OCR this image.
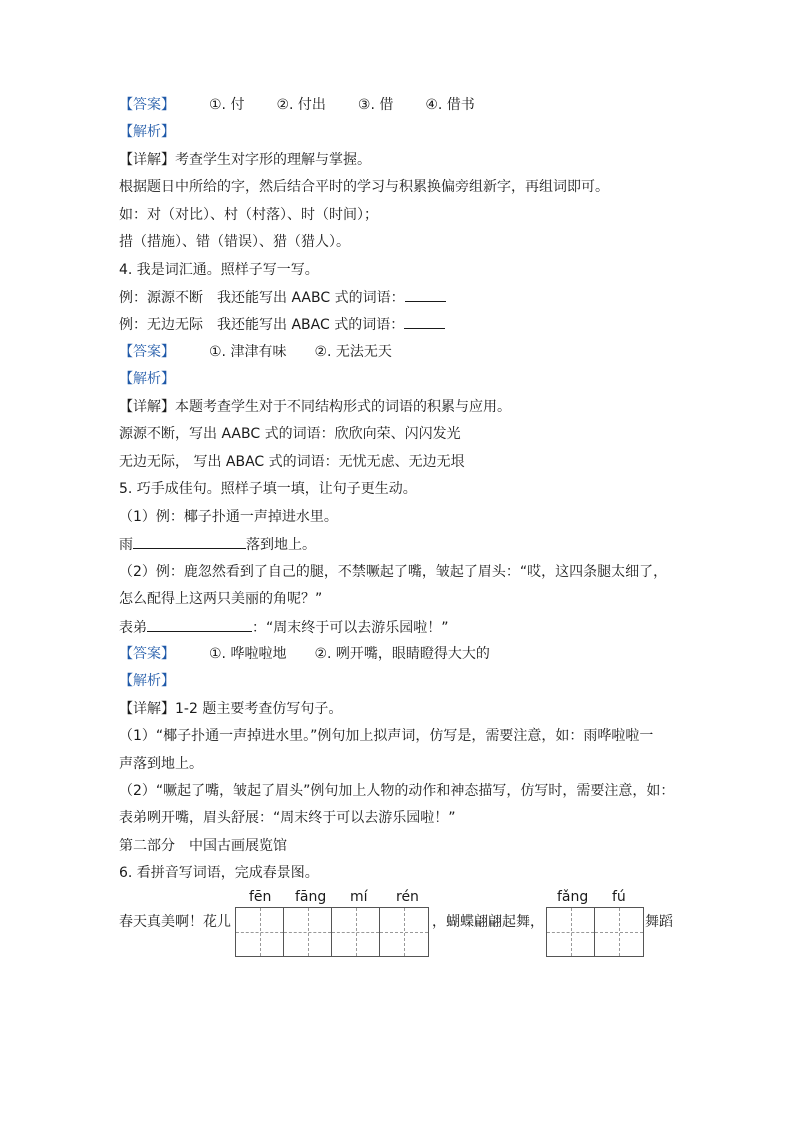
【答案】 ①. 付 ②. 付出 ③. 借 ④. 借书
【解析】
【详解】考查学生对字形的理解与掌握。
根据题日中所给的字，然后结合平时的学习与积累换偏旁组新字，再组词即可。
如：对（对比）、村（村落）、时（时间）；
措（措施）、错（错误）、猎（猎人）。
4. 我是词汇通。照样子写一写。
例：源源不断　我还能写出 AABC 式的词语：
例：无边无际　我还能写出 ABAC 式的词语：
【答案】 ①. 津津有味 ②. 无法无天
【解析】
【详解】本题考查学生对于不同结构形式的词语的积累与应用。
源源不断，写出 AABC 式的词语：欣欣向荣、闪闪发光
无边无际， 写出 ABAC 式的词语：无忧无虑、无边无垠
5. 巧手成佳句。照样子填一填，让句子更生动。
（1）例：椰子扑通一声掉进水里。
雨	落到地上。
（2）例：鹿忽然看到了自己的腿，不禁噘起了嘴，皱起了眉头：“哎，这四条腿太细了，
怎么配得上这两只美丽的角呢？”
表弟	：“周末终于可以去游乐园啦！”
【答案】 ①. 哗啦啦地 ②. 咧开嘴，眼睛瞪得大大的
【解析】
【详解】1-2 题主要考查仿写句子。
（1）“椰子扑通一声掉进水里。”例句加上拟声词，仿写是，需要注意，如：雨哗啦啦一
声落到地上。
（2）“噘起了嘴，皱起了眉头”例句加上人物的动作和神态描写，仿写时，需要注意，如：
表弟咧开嘴，眉头舒展：“周末终于可以去游乐园啦！”
第二部分　中国古画展览馆
6. 看拼音写词语，完成春景图。
fēn fāng mí rén	fǎng fú
春天真美啊！花儿	，蝴蝶翩翩起舞，	舞蹈
